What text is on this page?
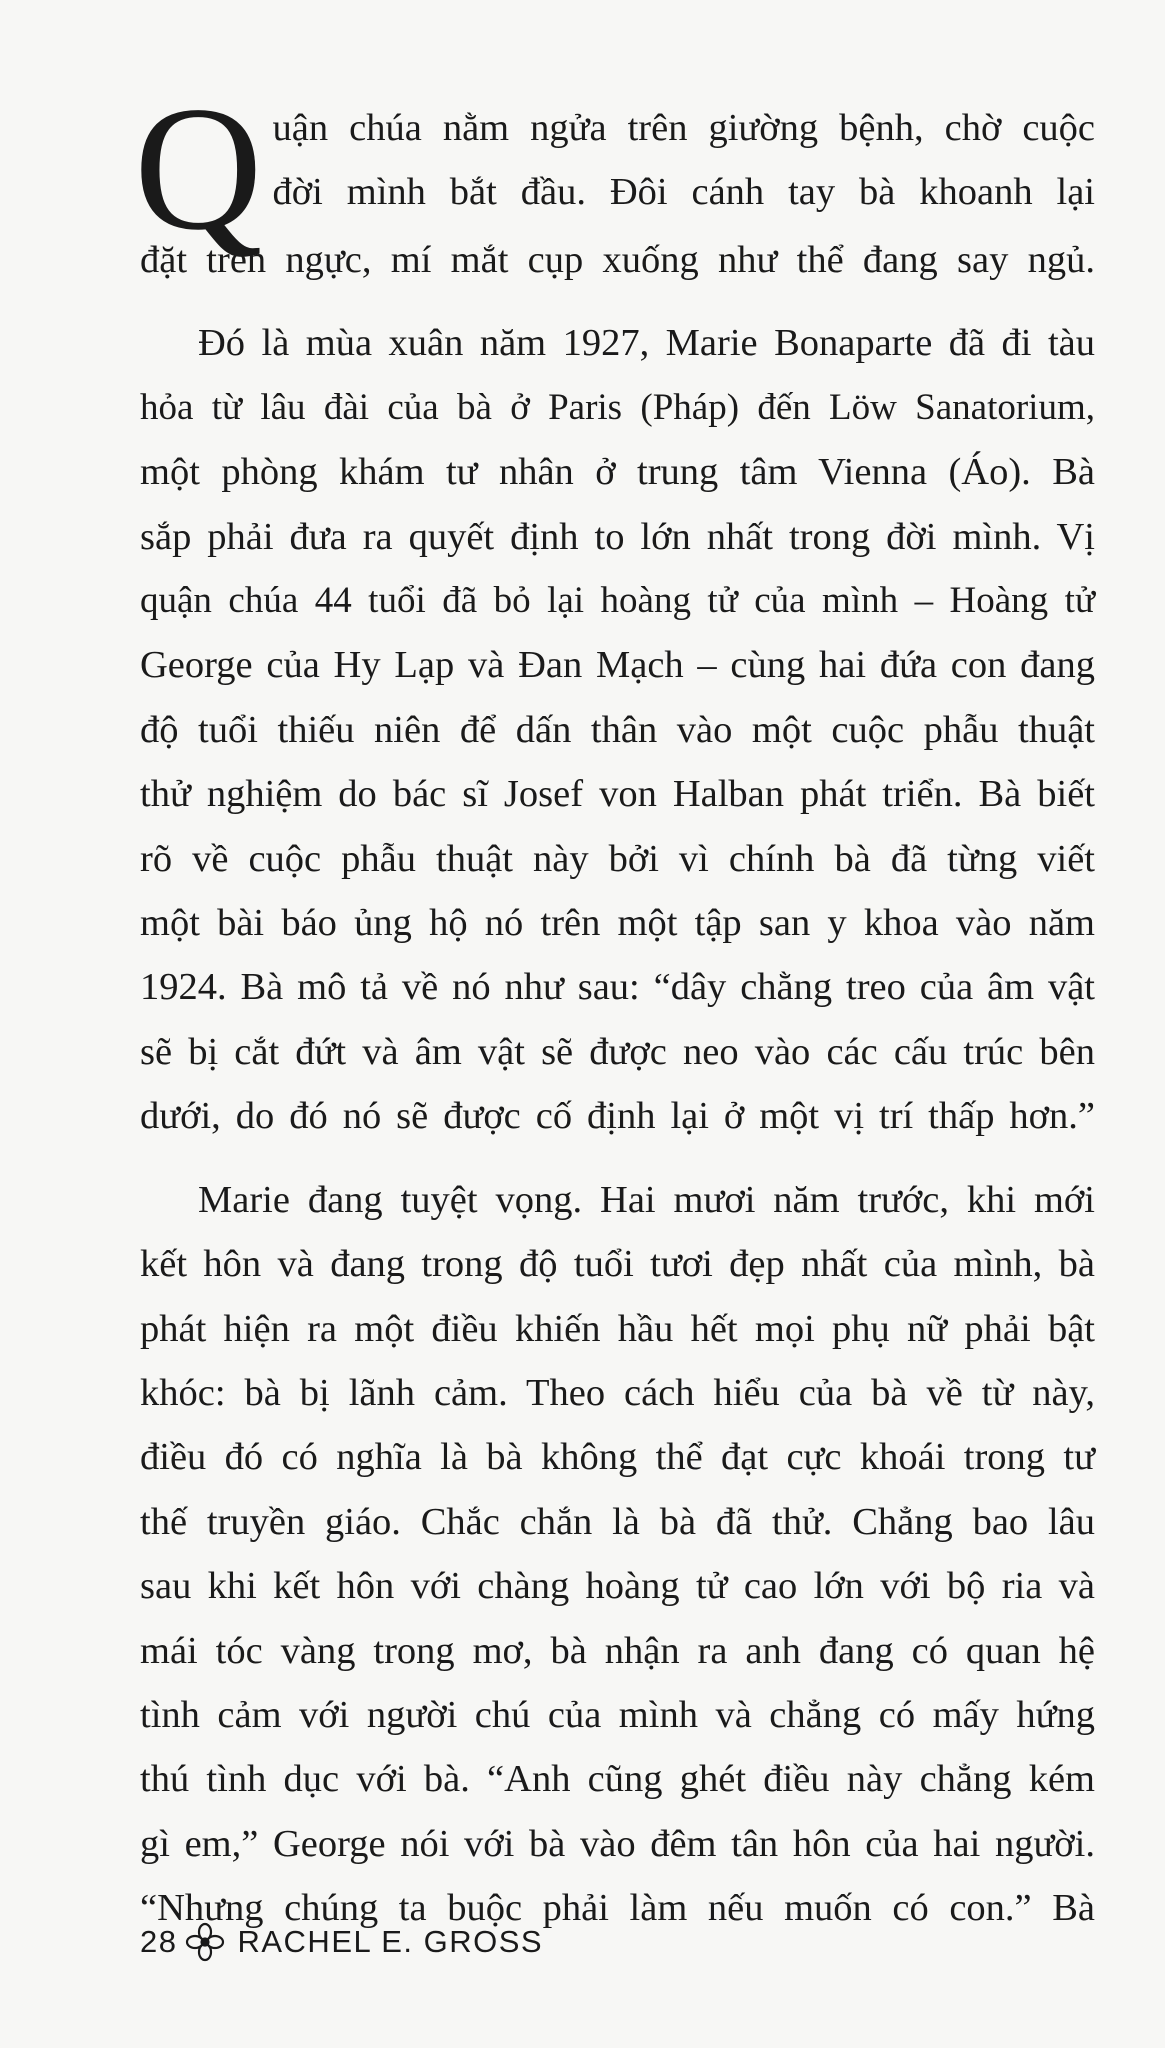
Q uận chúa nằm ngửa trên giường bệnh, chờ cuộc
đời mình bắt đầu. Đôi cánh tay bà khoanh lại
đặt trên ngực, mí mắt cụp xuống như thể đang say ngủ.
Đó là mùa xuân năm 1927, Marie Bonaparte đã đi tàu
hỏa từ lâu đài của bà ở Paris (Pháp) đến Löw Sanatorium,
một phòng khám tư nhân ở trung tâm Vienna (Áo). Bà
sắp phải đưa ra quyết định to lớn nhất trong đời mình. Vị
quận chúa 44 tuổi đã bỏ lại hoàng tử của mình – Hoàng tử
George của Hy Lạp và Đan Mạch – cùng hai đứa con đang
độ tuổi thiếu niên để dấn thân vào một cuộc phẫu thuật
thử nghiệm do bác sĩ Josef von Halban phát triển. Bà biết
rõ về cuộc phẫu thuật này bởi vì chính bà đã từng viết
một bài báo ủng hộ nó trên một tập san y khoa vào năm
1924. Bà mô tả về nó như sau: “dây chằng treo của âm vật
sẽ bị cắt đứt và âm vật sẽ được neo vào các cấu trúc bên
dưới, do đó nó sẽ được cố định lại ở một vị trí thấp hơn.”
Marie đang tuyệt vọng. Hai mươi năm trước, khi mới
kết hôn và đang trong độ tuổi tươi đẹp nhất của mình, bà
phát hiện ra một điều khiến hầu hết mọi phụ nữ phải bật
khóc: bà bị lãnh cảm. Theo cách hiểu của bà về từ này,
điều đó có nghĩa là bà không thể đạt cực khoái trong tư
thế truyền giáo. Chắc chắn là bà đã thử. Chẳng bao lâu
sau khi kết hôn với chàng hoàng tử cao lớn với bộ ria và
mái tóc vàng trong mơ, bà nhận ra anh đang có quan hệ
tình cảm với người chú của mình và chẳng có mấy hứng
thú tình dục với bà. “Anh cũng ghét điều này chẳng kém
gì em,” George nói với bà vào đêm tân hôn của hai người.
“Nhưng chúng ta buộc phải làm nếu muốn có con.” Bà
28 RACHEL E. GROSS
